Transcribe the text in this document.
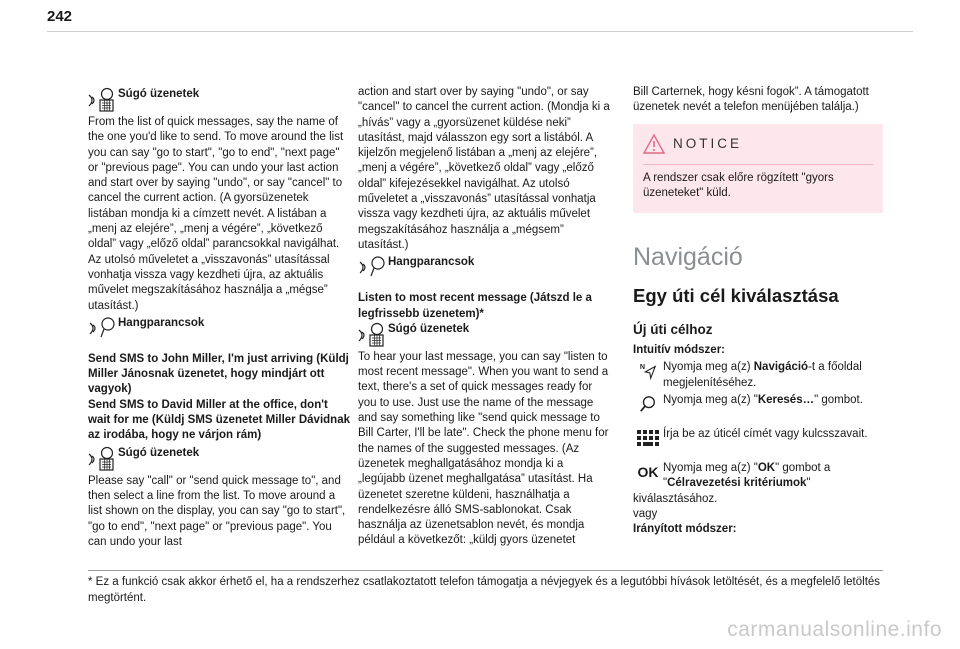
242
Súgó üzenetek

From the list of quick messages, say the name of the one you'd like to send. To move around the list you can say "go to start", "go to end", "next page" or "previous page". You can undo your last action and start over by saying "undo", or say "cancel" to cancel the current action. (A gyorsüzenetek listában mondja ki a címzett nevét. A listában a „menj az elejére”, „menj a végére”, „következő oldal” vagy „előző oldal” parancsokkal navigálhat. Az utolsó műveletet a „visszavonás” utasítással vonhatja vissza vagy kezdheti újra, az aktuális művelet megszakításához használja a „mégse” utasítást.)

Hangparancsok

Send SMS to John Miller, I'm just arriving (Küldj Miller Jánosnak üzenetet, hogy mindjárt ott vagyok)

Send SMS to David Miller at the office, don't wait for me (Küldj SMS üzenetet Miller Dávidnak az irodába, hogy ne várjon rám)

Súgó üzenetek

Please say "call" or "send quick message to", and then select a line from the list. To move around a list shown on the display, you can say "go to start", "go to end", "next page" or "previous page". You can undo your last

action and start over by saying "undo", or say "cancel" to cancel the current action. (Mondja ki a „hívás” vagy a „gyorsüzenet küldése neki” utasítást, majd válasszon egy sort a listából. A kijelzőn megjelenő listában a „menj az elejére”, „menj a végére”, „következő oldal” vagy „előző oldal” kifejezésekkel navigálhat. Az utolsó műveletet a „visszavonás” utasítással vonhatja vissza vagy kezdheti újra, az aktuális művelet megszakításához használja a „mégsem” utasítást.)

Hangparancsok

Listen to most recent message (Játszd le a legfrissebb üzenetem)*

Súgó üzenetek

To hear your last message, you can say "listen to most recent message". When you want to send a text, there's a set of quick messages ready for you to use. Just use the name of the message and say something like "send quick message to Bill Carter, I'll be late". Check the phone menu for the names of the suggested messages. (Az üzenetek meghallgatásához mondja ki a „legújabb üzenet meghallgatása” utasítást. Ha üzenetet szeretne küldeni, használhatja a rendelkezésre álló SMS-sablonokat. Csak használja az üzenetsablon nevét, és mondja például a következőt: „küldj gyors üzenetet

Bill Carternek, hogy késni fogok”. A támogatott üzenetek nevét a telefon menüjében találja.)

NOTICE

A rendszer csak előre rögzített "gyors üzeneteket" küld.

Navigáció
Egy úti cél kiválasztása
Új úti célhoz

Intuitív módszer:

N Nyomja meg a(z) Navigáció-t a főoldal megjelenítéséhez.
Nyomja meg a(z) "Keresés…" gombot.
Írja be az úticél címét vagy kulcsszavait.
OK Nyomja meg a(z) "OK" gombot a "Célravezetési kritériumok"

kiválasztásához.

vagy

Irányított módszer:

* Ez a funkció csak akkor érhető el, ha a rendszerhez csatlakoztatott telefon támogatja a névjegyek és a legutóbbi hívások letöltését, és a megfelelő letöltés megtörtént.

carmanualsonline.info
